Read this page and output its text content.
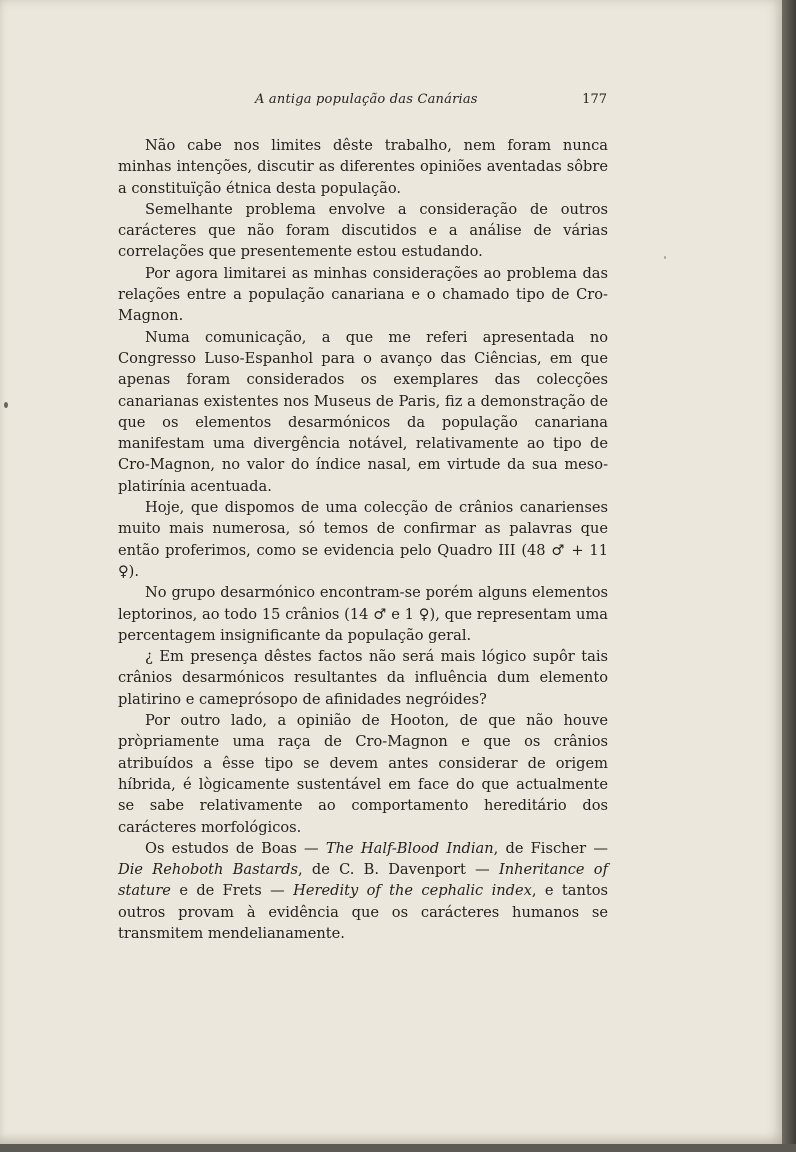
A antiga população das Canárias	177

Não cabe nos limites dêste trabalho, nem foram nunca minhas intenções, discutir as diferentes opiniões aventadas sôbre a constituïção étnica desta população.

Semelhante problema envolve a consideração de outros carácteres que não foram discutidos e a análise de várias correlações que presentemente estou estudando.

Por agora limitarei as minhas considerações ao problema das relações entre a população canariana e o chamado tipo de Cro-Magnon.

Numa comunicação, a que me referi apresentada no Congresso Luso-Espanhol para o avanço das Ciências, em que apenas foram considerados os exemplares das colecções canarianas existentes nos Museus de Paris, fiz a demonstração de que os elementos desarmónicos da população canariana manifestam uma divergência notável, relativamente ao tipo de Cro-Magnon, no valor do índice nasal, em virtude da sua meso-platirínia acentuada.

Hoje, que dispomos de uma colecção de crânios canarienses muito mais numerosa, só temos de confirmar as palavras que então proferimos, como se evidencia pelo Quadro III (48 ♂ + 11 ♀).

No grupo desarmónico encontram-se porém alguns elementos leptorinos, ao todo 15 crânios (14 ♂ e 1 ♀), que representam uma percentagem insignificante da população geral.

¿ Em presença dêstes factos não será mais lógico supôr tais crânios desarmónicos resultantes da influência dum elemento platirino e cameprósopo de afinidades negróides?

Por outro lado, a opinião de Hooton, de que não houve pròpriamente uma raça de Cro-Magnon e que os crânios atribuídos a êsse tipo se devem antes considerar de origem híbrida, é lògicamente sustentável em face do que actualmente se sabe relativamente ao comportamento hereditário dos carácteres morfológicos.

Os estudos de Boas — The Half-Blood Indian, de Fischer — Die Rehoboth Bastards, de C. B. Davenport — Inheritance of stature e de Frets — Heredity of the cephalic index, e tantos outros provam à evidência que os carácteres humanos se transmitem mendelianamente.
